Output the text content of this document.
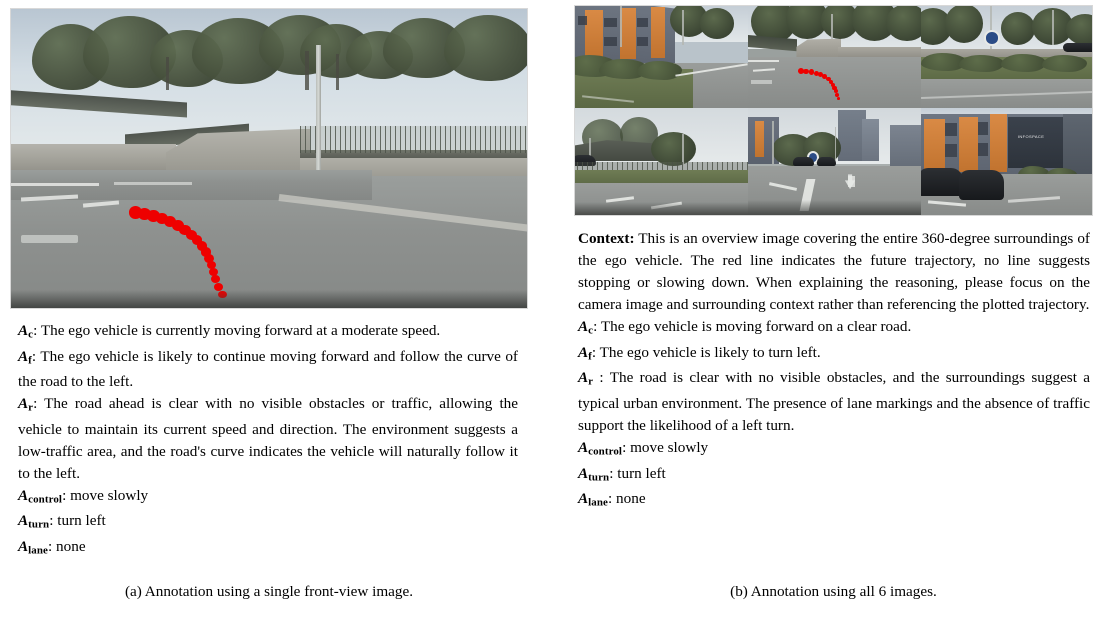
$A_c$: The ego vehicle is currently moving forward at a moderate speed.

$A_f$: The ego vehicle is likely to continue moving forward and follow the curve of the road to the left.

$A_r$: The road ahead is clear with no visible obstacles or traffic, allowing the vehicle to maintain its current speed and direction. The environment suggests a low-traffic area, and the road's curve indicates the vehicle will naturally follow it to the left.

$A_{control}$: move slowly

$A_{turn}$: turn left

$A_{lane}$: none

(a) Annotation using a single front-view image.
INFOSPACE

Context: This is an overview image covering the entire 360-degree surroundings of the ego vehicle. The red line indicates the future trajectory, no line suggests stopping or slowing down. When explaining the reasoning, please focus on the camera image and surrounding context rather than referencing the plotted trajectory.

$A_c$: The ego vehicle is moving forward on a clear road.

$A_f$: The ego vehicle is likely to turn left.

$A_r$ : The road is clear with no visible obstacles, and the surroundings suggest a typical urban environment. The presence of lane markings and the absence of traffic support the likelihood of a left turn.

$A_{control}$: move slowly

$A_{turn}$: turn left

$A_{lane}$: none

(b) Annotation using all 6 images.
